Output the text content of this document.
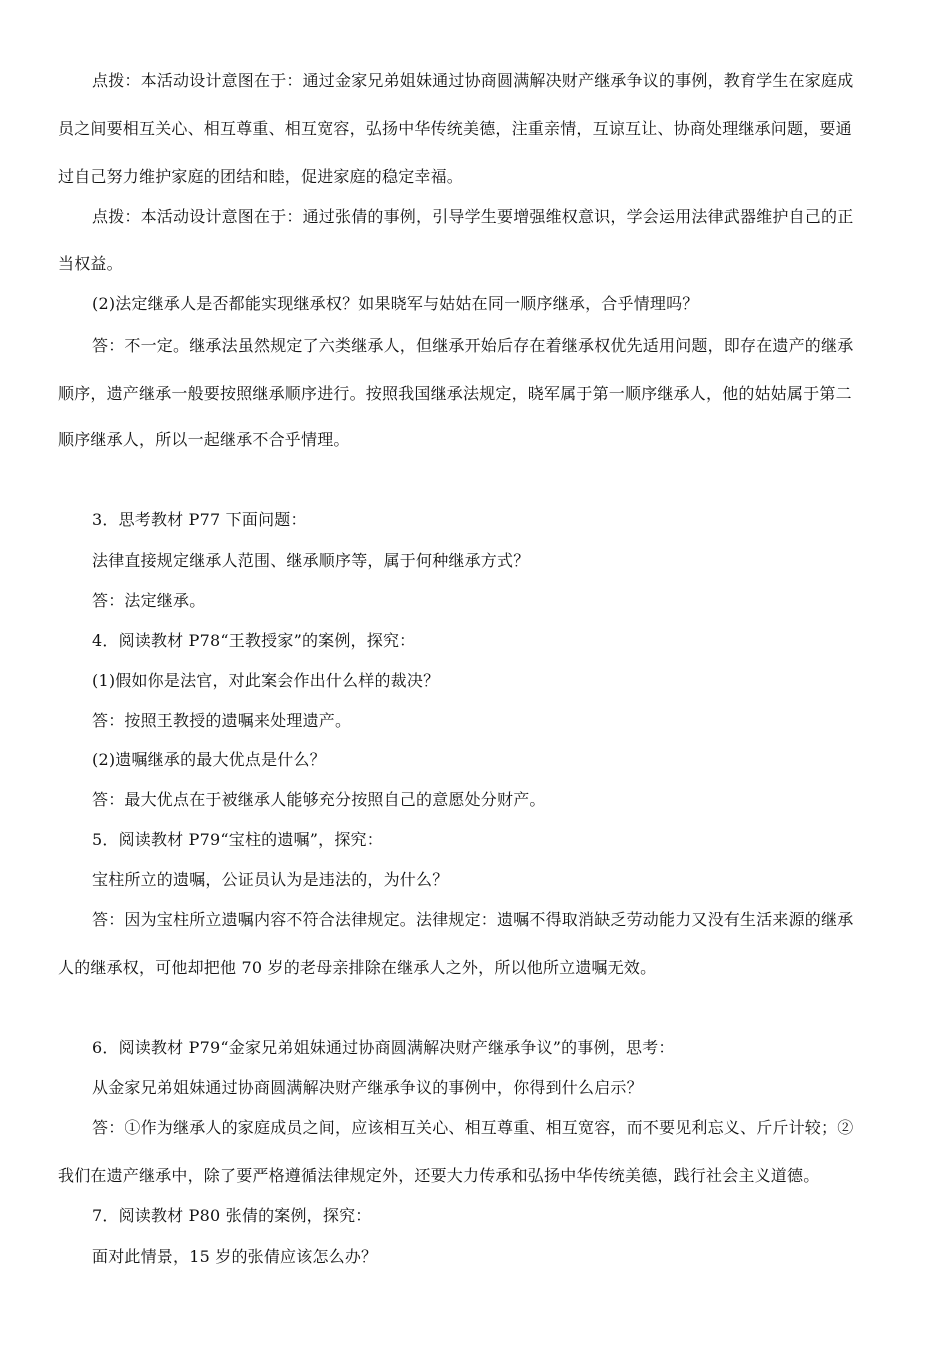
点拨：本活动设计意图在于：通过金家兄弟姐妹通过协商圆满解决财产继承争议的事例，教育学生在家庭成
员之间要相互关心、相互尊重、相互宽容，弘扬中华传统美德，注重亲情，互谅互让、协商处理继承问题，要通
过自己努力维护家庭的团结和睦，促进家庭的稳定幸福。
点拨：本活动设计意图在于：通过张倩的事例，引导学生要增强维权意识，学会运用法律武器维护自己的正
当权益。
(2)法定继承人是否都能实现继承权？如果晓军与姑姑在同一顺序继承，合乎情理吗？
答：不一定。继承法虽然规定了六类继承人，但继承开始后存在着继承权优先适用问题，即存在遗产的继承
顺序，遗产继承一般要按照继承顺序进行。按照我国继承法规定，晓军属于第一顺序继承人，他的姑姑属于第二
顺序继承人，所以一起继承不合乎情理。
3．思考教材 P77 下面问题：
法律直接规定继承人范围、继承顺序等，属于何种继承方式？
答：法定继承。
4．阅读教材 P78“王教授家”的案例，探究：
(1)假如你是法官，对此案会作出什么样的裁决？
答：按照王教授的遗嘱来处理遗产。
(2)遗嘱继承的最大优点是什么？
答：最大优点在于被继承人能够充分按照自己的意愿处分财产。
5．阅读教材 P79“宝柱的遗嘱”，探究：
宝柱所立的遗嘱，公证员认为是违法的，为什么？
答：因为宝柱所立遗嘱内容不符合法律规定。法律规定：遗嘱不得取消缺乏劳动能力又没有生活来源的继承
人的继承权，可他却把他 70 岁的老母亲排除在继承人之外，所以他所立遗嘱无效。
6．阅读教材 P79“金家兄弟姐妹通过协商圆满解决财产继承争议”的事例，思考：
从金家兄弟姐妹通过协商圆满解决财产继承争议的事例中，你得到什么启示？
答：①作为继承人的家庭成员之间，应该相互关心、相互尊重、相互宽容，而不要见利忘义、斤斤计较；②
我们在遗产继承中，除了要严格遵循法律规定外，还要大力传承和弘扬中华传统美德，践行社会主义道德。
7．阅读教材 P80 张倩的案例，探究：
面对此情景，15 岁的张倩应该怎么办？
